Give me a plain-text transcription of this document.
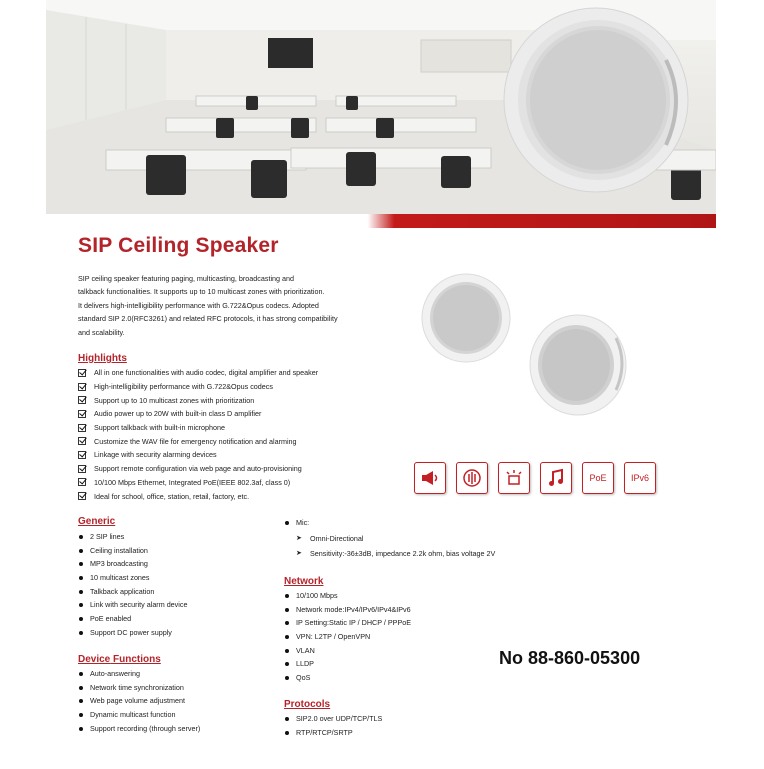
SIP Ceiling Speaker
SIP ceiling speaker featuring paging, multicasting, broadcasting and
talkback functionalities. It supports up to 10 multicast zones with prioritization.
It delivers high-intelligibility performance with G.722&Opus codecs. Adopted
standard SIP 2.0(RFC3261) and related RFC protocols, it has strong compatibility
and scalability.
Highlights
All in one functionalities with audio codec, digital amplifier and speaker
High-intelligibility performance with G.722&Opus codecs
Support up to 10 multicast zones with prioritization
Audio power up to 20W with built-in class D amplifier
Support talkback with built-in microphone
Customize the WAV file for emergency notification and alarming
Linkage with security alarming devices
Support remote configuration via web page and auto-provisioning
10/100 Mbps Ethernet, Integrated PoE(IEEE 802.3af, class 0)
Ideal for school, office, station, retail, factory, etc.
PoE	IPv6
Generic
2 SIP lines
Ceiling installation
MP3 broadcasting
10 multicast zones
Talkback application
Link with security alarm device
PoE enabled
Support DC power supply
Device Functions
Auto-answering
Network time synchronization
Web page volume adjustment
Dynamic multicast function
Support recording (through server)
Mic:
➤ Omni-Directional
➤ Sensitivity:-36±3dB, impedance 2.2k ohm, bias voltage 2V
Network
10/100 Mbps
Network mode:IPv4/IPv6/IPv4&IPv6
IP Setting:Static IP / DHCP / PPPoE
VPN: L2TP / OpenVPN
VLAN
LLDP
QoS
Protocols
SIP2.0 over UDP/TCP/TLS
RTP/RTCP/SRTP
No 88-860-05300
